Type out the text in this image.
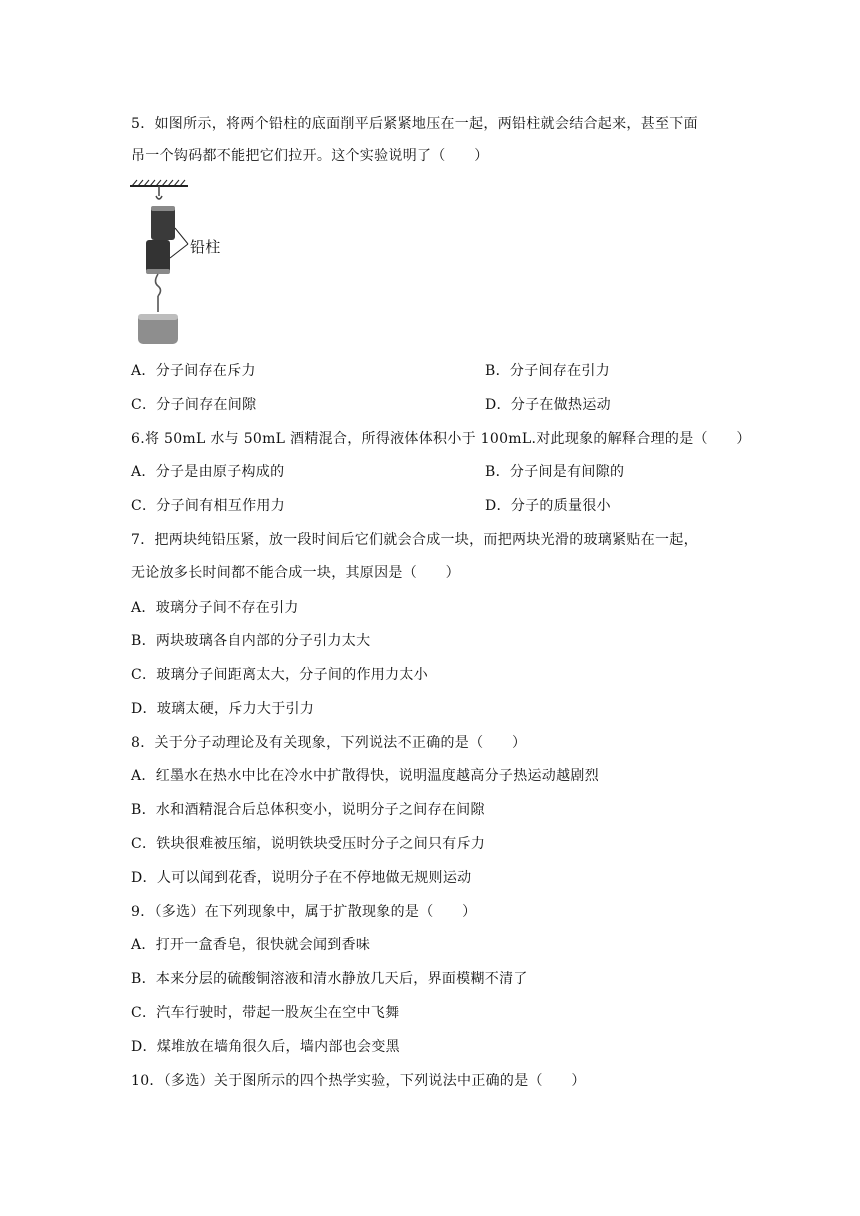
5．如图所示，将两个铅柱的底面削平后紧紧地压在一起，两铅柱就会结合起来，甚至下面
吊一个钩码都不能把它们拉开。这个实验说明了（　　）
铅柱
A．分子间存在斥力	B．分子间存在引力
C．分子间存在间隙	D．分子在做热运动
6.将 50mL 水与 50mL 酒精混合，所得液体体积小于 100mL.对此现象的解释合理的是（　　）
A．分子是由原子构成的	B．分子间是有间隙的
C．分子间有相互作用力	D．分子的质量很小
7．把两块纯铅压紧，放一段时间后它们就会合成一块，而把两块光滑的玻璃紧贴在一起，
无论放多长时间都不能合成一块，其原因是（　　）
A．玻璃分子间不存在引力
B．两块玻璃各自内部的分子引力太大
C．玻璃分子间距离太大，分子间的作用力太小
D．玻璃太硬，斥力大于引力
8．关于分子动理论及有关现象，下列说法不正确的是（　　）
A．红墨水在热水中比在冷水中扩散得快，说明温度越高分子热运动越剧烈
B．水和酒精混合后总体积变小，说明分子之间存在间隙
C．铁块很难被压缩，说明铁块受压时分子之间只有斥力
D．人可以闻到花香，说明分子在不停地做无规则运动
9．（多选）在下列现象中，属于扩散现象的是（　　）
A．打开一盒香皂，很快就会闻到香味
B．本来分层的硫酸铜溶液和清水静放几天后，界面模糊不清了
C．汽车行驶时，带起一股灰尘在空中飞舞
D．煤堆放在墙角很久后，墙内部也会变黑
10．（多选）关于图所示的四个热学实验，下列说法中正确的是（　　）
